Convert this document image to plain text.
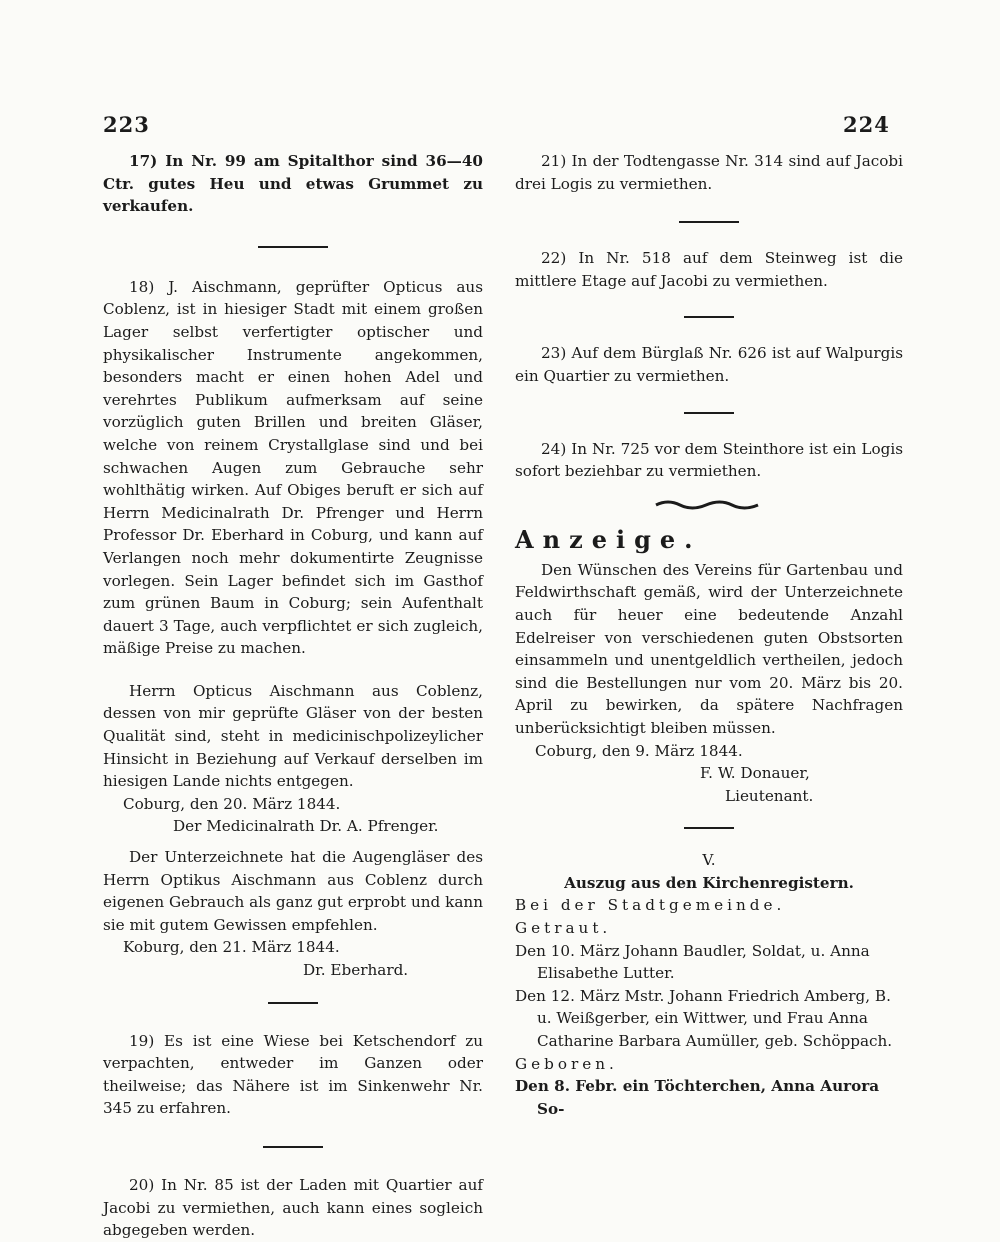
223	224

17) In Nr. 99 am Spitalthor sind 36—40 Ctr. gutes Heu und etwas Grummet zu verkaufen.

18) J. Aischmann, geprüfter Opticus aus Coblenz, ist in hiesiger Stadt mit einem großen Lager selbst verfertigter optischer und physikalischer Instrumente angekommen, besonders macht er einen hohen Adel und verehrtes Publikum aufmerksam auf seine vorzüglich guten Brillen und breiten Gläser, welche von reinem Crystallglase sind und bei schwachen Augen zum Gebrauche sehr wohlthätig wirken. Auf Obiges beruft er sich auf Herrn Medicinalrath Dr. Pfrenger und Herrn Professor Dr. Eberhard in Coburg, und kann auf Verlangen noch mehr dokumentirte Zeugnisse vorlegen. Sein Lager befindet sich im Gasthof zum grünen Baum in Coburg; sein Aufenthalt dauert 3 Tage, auch verpflichtet er sich zugleich, mäßige Preise zu machen.

Herrn Opticus Aischmann aus Coblenz, dessen von mir geprüfte Gläser von der besten Qualität sind, steht in medicinischpolizeylicher Hinsicht in Beziehung auf Verkauf derselben im hiesigen Lande nichts entgegen.

Coburg, den 20. März 1844.

Der Medicinalrath Dr. A. Pfrenger.

Der Unterzeichnete hat die Augengläser des Herrn Optikus Aischmann aus Coblenz durch eigenen Gebrauch als ganz gut erprobt und kann sie mit gutem Gewissen empfehlen.

Koburg, den 21. März 1844.

Dr. Eberhard.

19) Es ist eine Wiese bei Ketschendorf zu verpachten, entweder im Ganzen oder theilweise; das Nähere ist im Sinkenwehr Nr. 345 zu erfahren.

20) In Nr. 85 ist der Laden mit Quartier auf Jacobi zu vermiethen, auch kann eines sogleich abgegeben werden.

21) In der Todtengasse Nr. 314 sind auf Jacobi drei Logis zu vermiethen.

22) In Nr. 518 auf dem Steinweg ist die mittlere Etage auf Jacobi zu vermiethen.

23) Auf dem Bürglaß Nr. 626 ist auf Walpurgis ein Quartier zu vermiethen.

24) In Nr. 725 vor dem Steinthore ist ein Logis sofort beziehbar zu vermiethen.

Anzeige.

Den Wünschen des Vereins für Gartenbau und Feldwirthschaft gemäß, wird der Unterzeichnete auch für heuer eine bedeutende Anzahl Edelreiser von verschiedenen guten Obstsorten einsammeln und unentgeldlich vertheilen, jedoch sind die Bestellungen nur vom 20. März bis 20. April zu bewirken, da spätere Nachfragen unberücksichtigt bleiben müssen.

Coburg, den 9. März 1844.

F. W. Donauer,

Lieutenant.

V.

Auszug aus den Kirchenregistern.

Bei der Stadtgemeinde.

Getraut.

Den 10. März Johann Baudler, Soldat, u. Anna Elisabethe Lutter.

Den 12. März Mstr. Johann Friedrich Amberg, B. u. Weißgerber, ein Wittwer, und Frau Anna Catharine Barbara Aumüller, geb. Schöppach.

Geboren.

Den 8. Febr. ein Töchterchen, Anna Aurora So-
